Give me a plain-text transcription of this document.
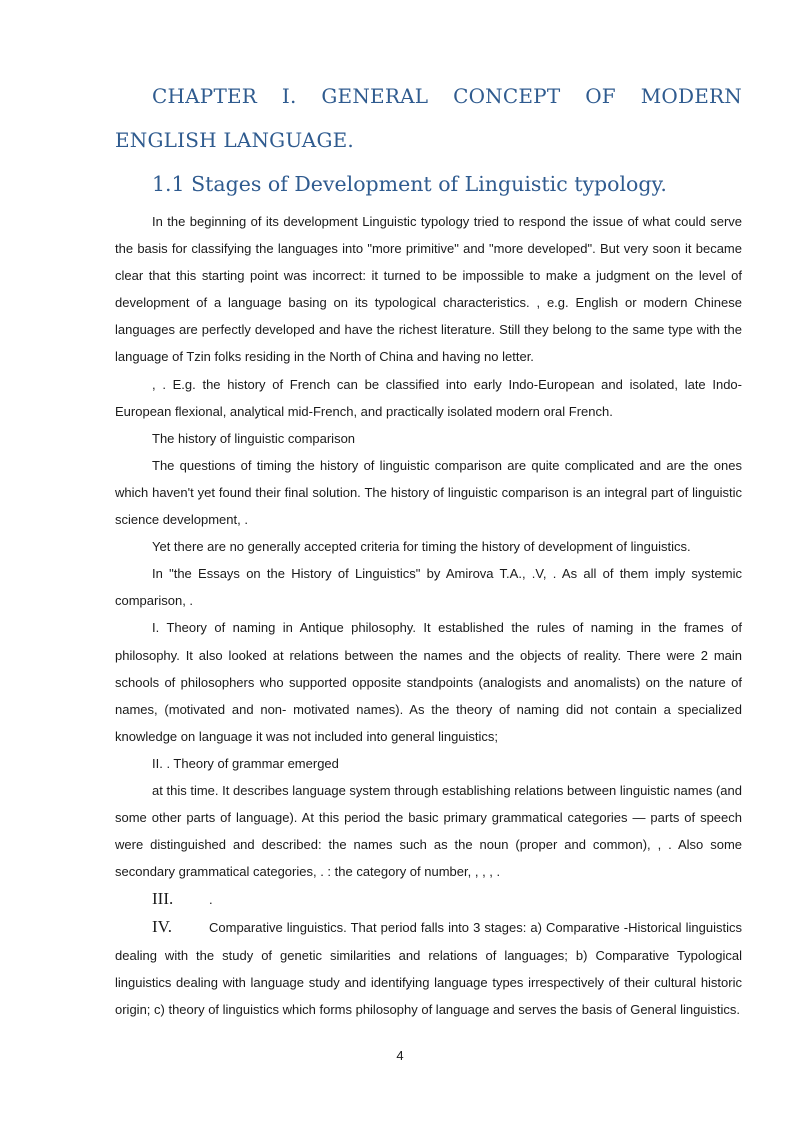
CHAPTER I. GENERAL CONCEPT OF MODERN ENGLISH LANGUAGE.
1.1 Stages of Development of Linguistic typology.

In the beginning of its development Linguistic typology tried to respond the issue of what could serve the basis for classifying the languages into "more primitive" and "more developed". But very soon it became clear that this starting point was incorrect: it turned to be impossible to make a judgment on the level of development of a language basing on its typological characteristics. , e.g. English or modern Chinese languages are perfectly developed and have the richest literature. Still they belong to the same type with the language of Tzin folks residing in the North of China and having no letter.

, . E.g. the history of French can be classified into early Indo-European and isolated, late Indo-European flexional, analytical mid-French, and practically isolated modern oral French.

The history of linguistic comparison

The questions of timing the history of linguistic comparison are quite complicated and are the ones which haven't yet found their final solution. The history of linguistic comparison is an integral part of linguistic science development, .

Yet there are no generally accepted criteria for timing the history of development of linguistics.

In "the Essays on the History of Linguistics" by Amirova T.A., .V, . As all of them imply systemic comparison, .

I. Theory of naming in Antique philosophy. It established the rules of naming in the frames of philosophy. It also looked at relations between the names and the objects of reality. There were 2 main schools of philosophers who supported opposite standpoints (analogists and anomalists) on the nature of names, (motivated and non- motivated names). As the theory of naming did not contain a specialized knowledge on language it was not included into general linguistics;

II. . Theory of grammar emerged

at this time. It describes language system through establishing relations between linguistic names (and some other parts of language). At this period the basic primary grammatical categories — parts of speech were distinguished and described: the names such as the noun (proper and common), , . Also some secondary grammatical categories, . : the category of number, , , , .

III.	.

IV.	Comparative linguistics. That period falls into 3 stages: a) Comparative -Historical linguistics dealing with the study of genetic similarities and relations of languages; b) Comparative Typological linguistics dealing with language study and identifying language types irrespectively of their cultural historic origin; c) theory of linguistics which forms philosophy of language and serves the basis of General linguistics.

4
